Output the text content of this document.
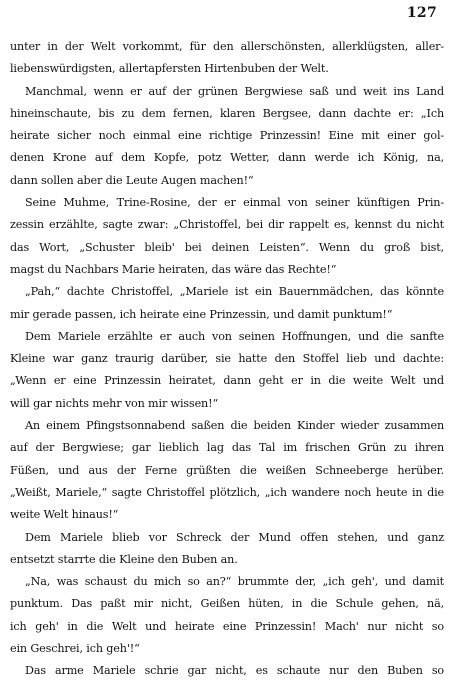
127

unter in der Welt vorkommt, für den allerschönsten, allerklügsten, aller-
liebenswürdigsten, allertapfersten Hirtenbuben der Welt.

Manchmal, wenn er auf der grünen Bergwiese saß und weit ins Land
hineinschaute, bis zu dem fernen, klaren Bergsee, dann dachte er: „Ich
heirate sicher noch einmal eine richtige Prinzessin! Eine mit einer gol-
denen Krone auf dem Kopfe, potz Wetter, dann werde ich König, na,
dann sollen aber die Leute Augen machen!“

Seine Muhme, Trine-Rosine, der er einmal von seiner künftigen Prin-
zessin erzählte, sagte zwar: „Christoffel, bei dir rappelt es, kennst du nicht
das Wort, „Schuster bleib' bei deinen Leisten“. Wenn du groß bist,
magst du Nachbars Marie heiraten, das wäre das Rechte!“

„Pah,“ dachte Christoffel, „Mariele ist ein Bauernmädchen, das könnte
mir gerade passen, ich heirate eine Prinzessin, und damit punktum!“

Dem Mariele erzählte er auch von seinen Hoffnungen, und die sanfte
Kleine war ganz traurig darüber, sie hatte den Stoffel lieb und dachte:
„Wenn er eine Prinzessin heiratet, dann geht er in die weite Welt und
will gar nichts mehr von mir wissen!“

An einem Pfingstsonnabend saßen die beiden Kinder wieder zusammen
auf der Bergwiese; gar lieblich lag das Tal im frischen Grün zu ihren
Füßen, und aus der Ferne grüßten die weißen Schneeberge herüber.
„Weißt, Mariele,“ sagte Christoffel plötzlich, „ich wandere noch heute in die
weite Welt hinaus!“

Dem Mariele blieb vor Schreck der Mund offen stehen, und ganz
entsetzt starrte die Kleine den Buben an.

„Na, was schaust du mich so an?“ brummte der, „ich geh', und damit
punktum. Das paßt mir nicht, Geißen hüten, in die Schule gehen, nä,
ich geh' in die Welt und heirate eine Prinzessin! Mach' nur nicht so
ein Geschrei, ich geh'!“

Das arme Mariele schrie gar nicht, es schaute nur den Buben so
